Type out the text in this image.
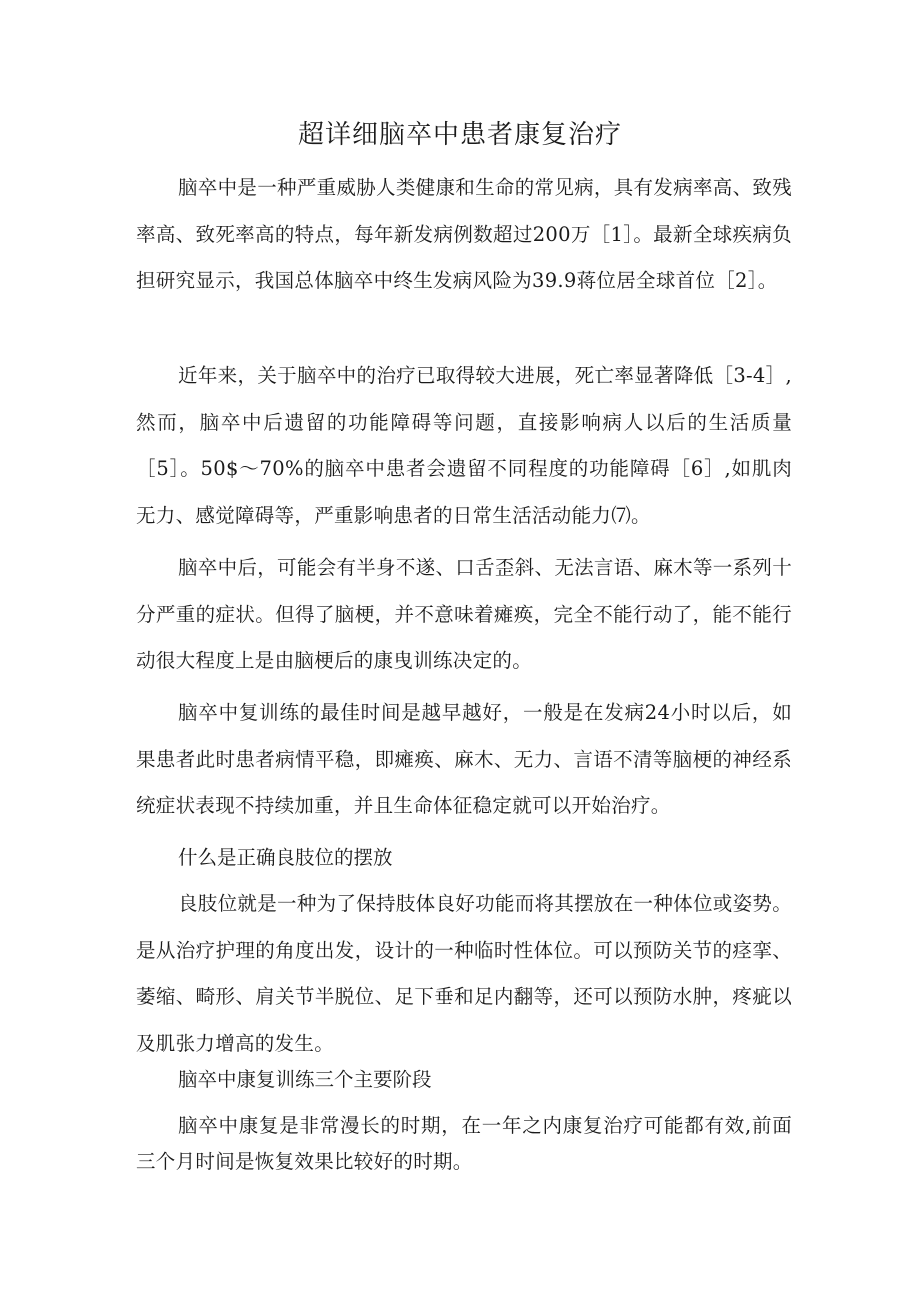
超详细脑卒中患者康复治疗

脑卒中是一种严重威胁人类健康和生命的常见病，具有发病率高、致残率高、致死率高的特点，每年新发病例数超过200万［1］。最新全球疾病负担研究显示，我国总体脑卒中终生发病风险为39.9蒋位居全球首位［2］。

近年来，关于脑卒中的治疗已取得较大进展，死亡率显著降低［3-4］,然而，脑卒中后遗留的功能障碍等问题，直接影响病人以后的生活质量［5］。50$～70%的脑卒中患者会遗留不同程度的功能障碍［6］,如肌肉无力、感觉障碍等，严重影响患者的日常生活活动能力⑺。

脑卒中后，可能会有半身不遂、口舌歪斜、无法言语、麻木等一系列十分严重的症状。但得了脑梗，并不意味着瘫痪，完全不能行动了，能不能行动很大程度上是由脑梗后的康曳训练决定的。

脑卒中复训练的最佳时间是越早越好，一般是在发病24小时以后，如果患者此时患者病情平稳，即瘫痪、麻木、无力、言语不清等脑梗的神经系统症状表现不持续加重，并且生命体征稳定就可以开始治疗。

什么是正确良肢位的摆放

良肢位就是一种为了保持肢体良好功能而将其摆放在一种体位或姿势。是从治疗护理的角度出发，设计的一种临时性体位。可以预防关节的痉挛、萎缩、畸形、肩关节半脱位、足下垂和足内翻等，还可以预防水肿，疼疵以及肌张力增高的发生。

脑卒中康复训练三个主要阶段

脑卒中康复是非常漫长的时期，在一年之内康复治疗可能都有效,前面三个月时间是恢复效果比较好的时期。
